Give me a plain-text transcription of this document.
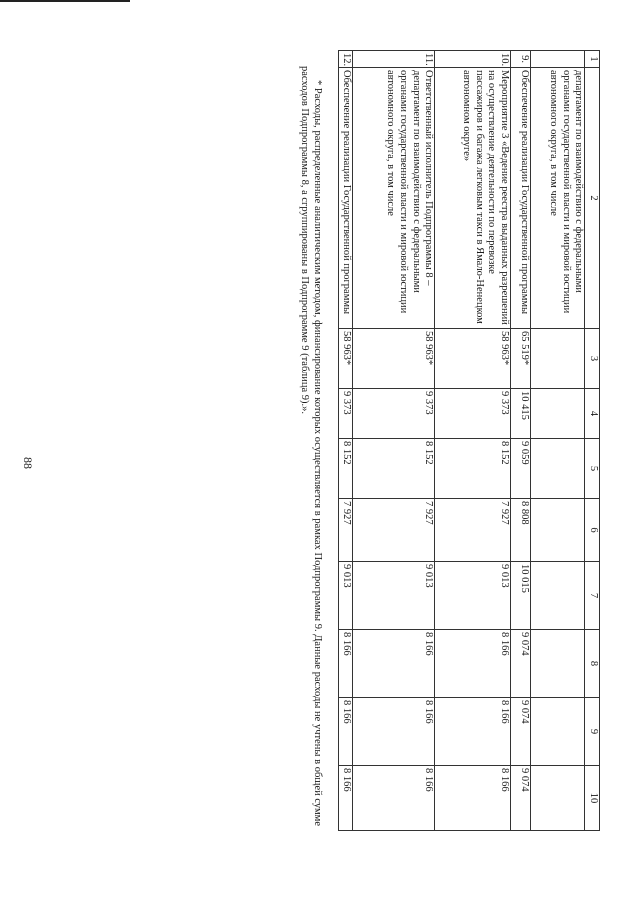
88

1	2	3	4	5	6	7	8	9	10
	департамент по взаимодействию с федеральными органами государственной власти и мировой юстиции автономного округа, в том числе								
9.	Обеспечение реализации Государственной программы	65 519*	10 415	9 059	8 808	10 015	9 074	9 074	9 074

10.	Мероприятие 3 «Ведение реестра выданных разрешений на осуществление деятельности по перевозке пассажиров и багажа легковым такси в Ямало-Ненецком автономном округе»	58 963*	9 373	8 152	7 927	9 013	8 166	8 166	8 166

11.	Ответственный исполнитель Подпрограммы 8 – департамент по взаимодействию с федеральными органами государственной власти и мировой юстиции автономного округа, в том числе	58 963*	9 373	8 152	7 927	9 013	8 166	8 166	8 166

12.	Обеспечение реализации Государственной программы	58 963*	9 373	8 152	7 927	9 013	8 166	8 166	8 166

* Расходы, распределенные аналитическим методом, финансирование которых осуществляется в рамках Подпрограммы 9. Данные расходы не учтены в общей сумме расходов Подпрограммы 8, а сгруппированы в Подпрограмме 9 (таблица 9).».
